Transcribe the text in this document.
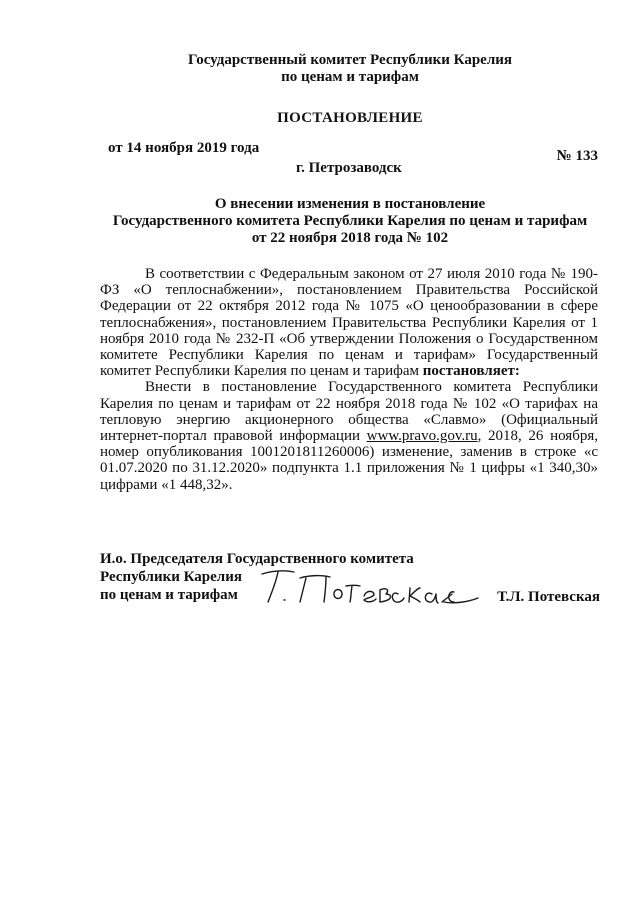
Государственный комитет Республики Карелия
по ценам и тарифам
ПОСТАНОВЛЕНИЕ
от 14 ноября 2019 года	№ 133
г. Петрозаводск
О внесении изменения в постановление
Государственного комитета Республики Карелия по ценам и тарифам
от 22 ноября 2018 года № 102

В соответствии с Федеральным законом от 27 июля 2010 года № 190-ФЗ «О теплоснабжении», постановлением Правительства Российской Федерации от 22 октября 2012 года № 1075 «О ценообразовании в сфере теплоснабжения», постановлением Правительства Республики Карелия от 1 ноября 2010 года № 232-П «Об утверждении Положения о Государственном комитете Республики Карелия по ценам и тарифам» Государственный комитет Республики Карелия по ценам и тарифам постановляет:

Внести в постановление Государственного комитета Республики Карелия по ценам и тарифам от 22 ноября 2018 года № 102 «О тарифах на тепловую энергию акционерного общества «Славмо» (Официальный интернет-портал правовой информации www.pravo.gov.ru, 2018, 26 ноября, номер опубликования 1001201811260006) изменение, заменив в строке «с 01.07.2020 по 31.12.2020» подпункта 1.1 приложения № 1 цифры «1 340,30» цифрами «1 448,32».

И.о. Председателя Государственного комитета
Республики Карелия
по ценам и тарифам	Т.Л. Потевская
